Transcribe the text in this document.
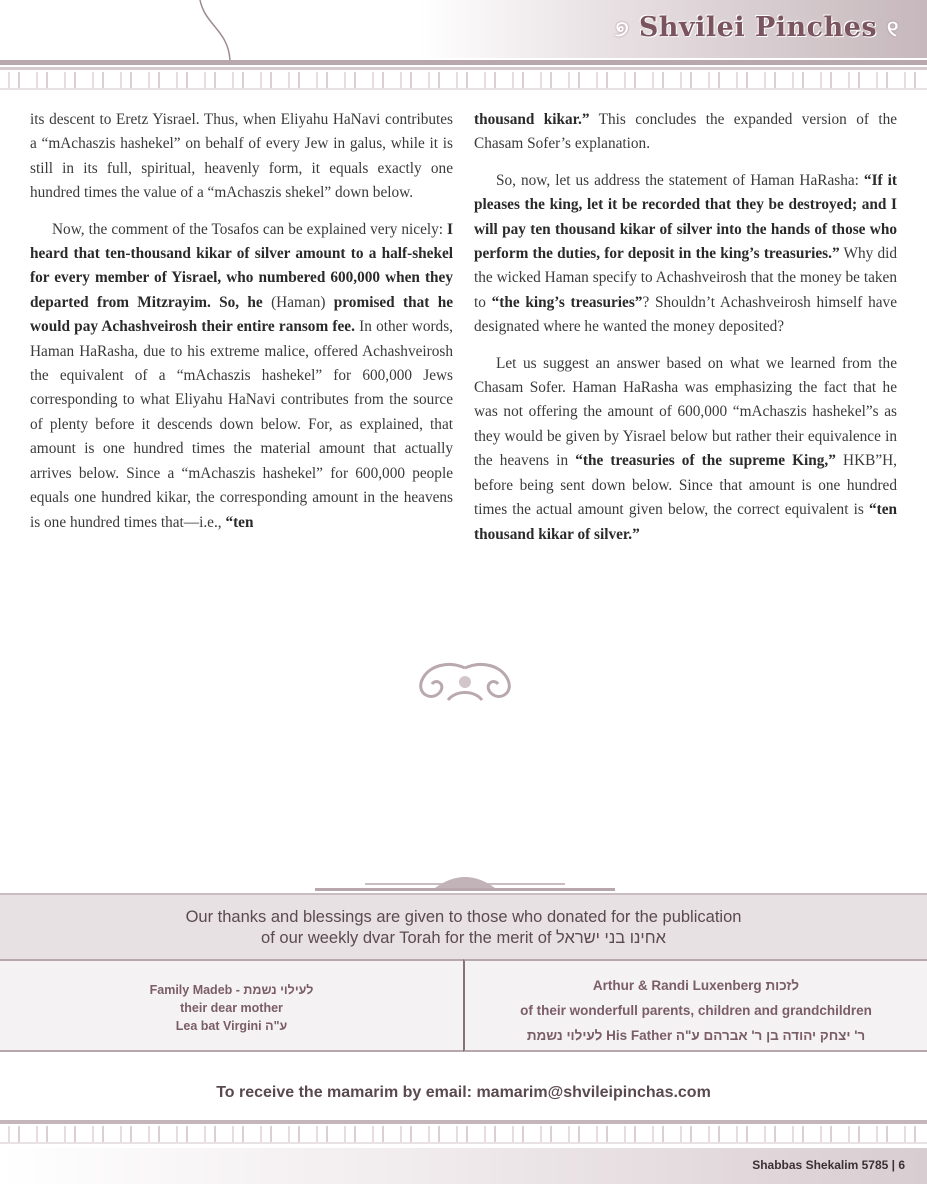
୭ Shvilei Pinches ୧

its descent to Eretz Yisrael. Thus, when Eliyahu HaNavi contributes a “mAchaszis hashekel” on behalf of every Jew in galus, while it is still in its full, spiritual, heavenly form, it equals exactly one hundred times the value of a “mAchaszis shekel” down below.

Now, the comment of the Tosafos can be explained very nicely: I heard that ten-thousand kikar of silver amount to a half-shekel for every member of Yisrael, who numbered 600,000 when they departed from Mitzrayim. So, he (Haman) promised that he would pay Achashveirosh their entire ransom fee. In other words, Haman HaRasha, due to his extreme malice, offered Achashveirosh the equivalent of a “mAchaszis hashekel” for 600,000 Jews corresponding to what Eliyahu HaNavi contributes from the source of plenty before it descends down below. For, as explained, that amount is one hundred times the material amount that actually arrives below. Since a “mAchaszis hashekel” for 600,000 people equals one hundred kikar, the corresponding amount in the heavens is one hundred times that—i.e., “ten

thousand kikar.” This concludes the expanded version of the Chasam Sofer’s explanation.

So, now, let us address the statement of Haman HaRasha: “If it pleases the king, let it be recorded that they be destroyed; and I will pay ten thousand kikar of silver into the hands of those who perform the duties, for deposit in the king’s treasuries.” Why did the wicked Haman specify to Achashveirosh that the money be taken to “the king’s treasuries”? Shouldn’t Achashveirosh himself have designated where he wanted the money deposited?

Let us suggest an answer based on what we learned from the Chasam Sofer. Haman HaRasha was emphasizing the fact that he was not offering the amount of 600,000 “mAchaszis hashekel”s as they would be given by Yisrael below but rather their equivalence in the heavens in “the treasuries of the supreme King,” HKB”H, before being sent down below. Since that amount is one hundred times the actual amount given below, the correct equivalent is “ten thousand kikar of silver.”

Our thanks and blessings are given to those who donated for the publication
of our weekly dvar Torah for the merit of אחינו בני ישראל
Family Madeb - לעילוי נשמת
their dear mother
Lea bat Virgini ע"ה
Arthur & Randi Luxenberg לזכות
of their wonderfull parents, children and grandchildren
לעילוי נשמת His Father ר' יצחק יהודה בן ר' אברהם ע"ה
To receive the mamarim by email: mamarim@shvileipinchas.com
Shabbas Shekalim 5785 | 6
